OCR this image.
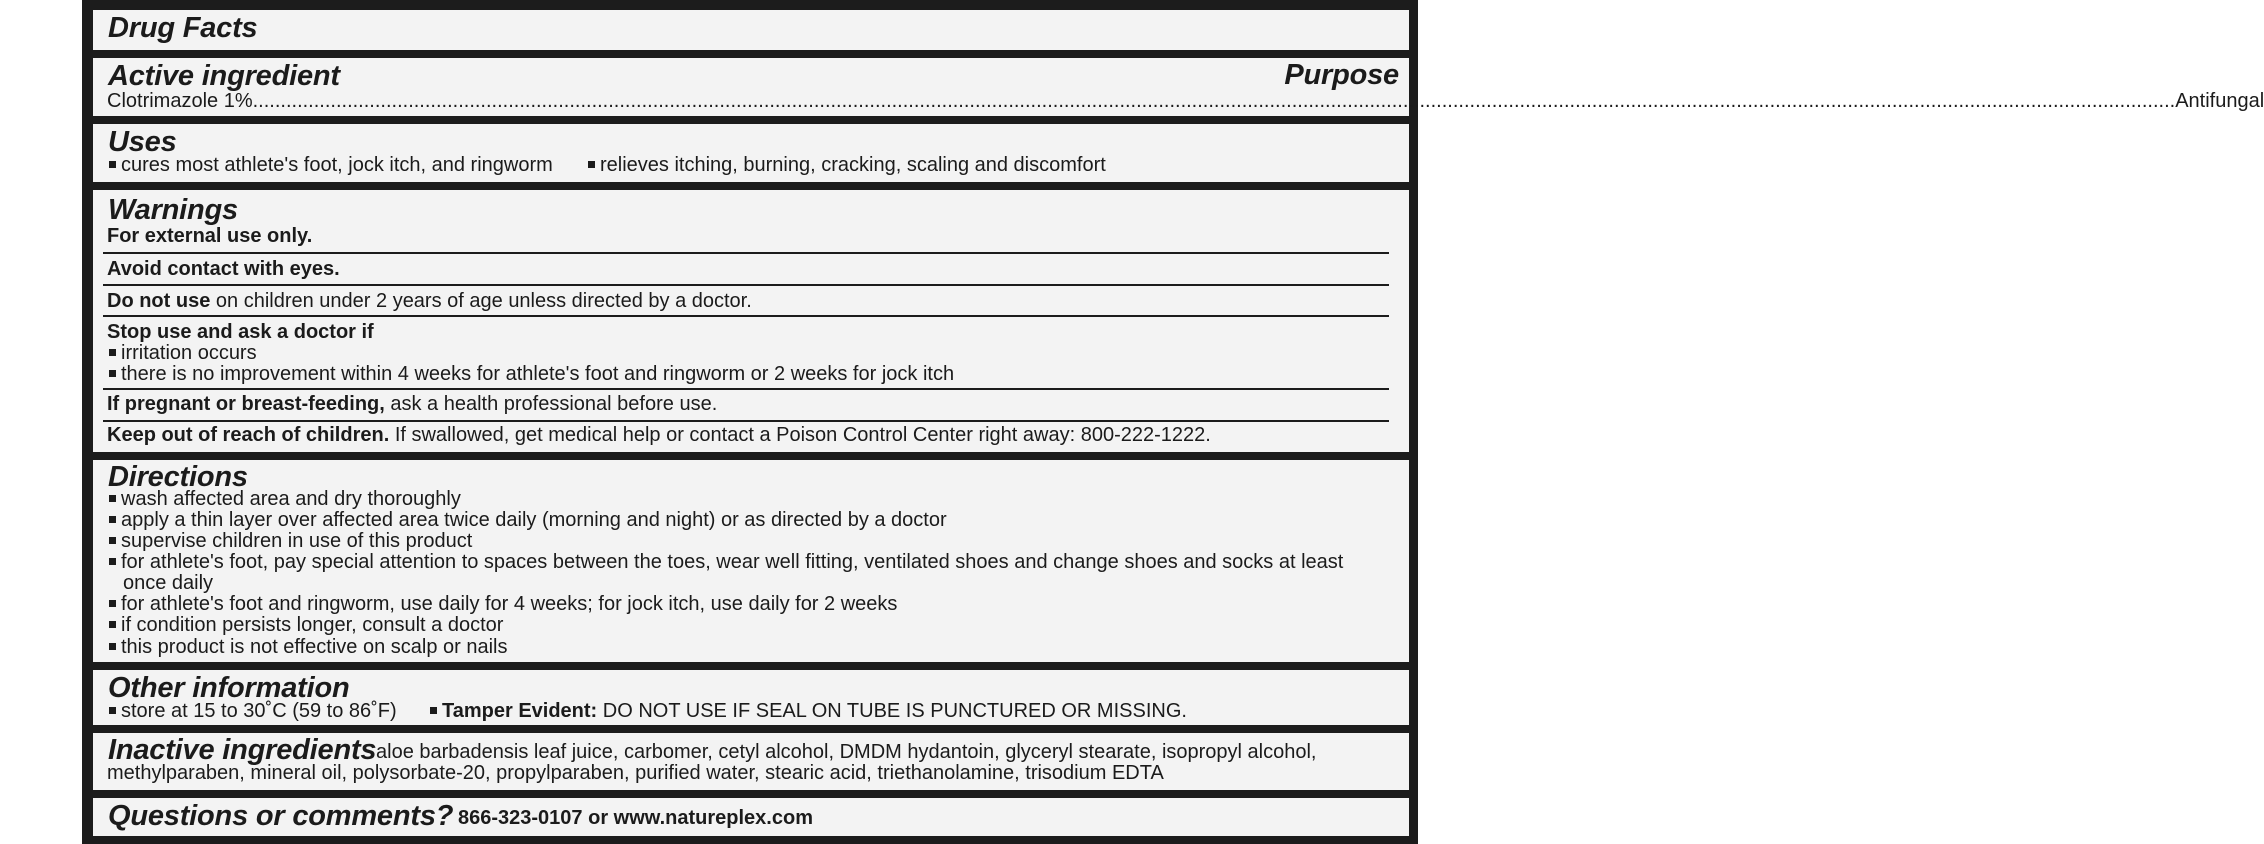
Drug Facts
Active ingredient	Purpose
Clotrimazole 1% .......................................................................................................................................................................................................................................................................................................................................................... Antifungal
Uses
cures most athlete's foot, jock itch, and ringworm	relieves itching, burning, cracking, scaling and discomfort
Warnings
For external use only.
Avoid contact with eyes.
Do not use on children under 2 years of age unless directed by a doctor.
Stop use and ask a doctor if
irritation occurs
there is no improvement within 4 weeks for athlete's foot and ringworm or 2 weeks for jock itch
If pregnant or breast-feeding, ask a health professional before use.
Keep out of reach of children. If swallowed, get medical help or contact a Poison Control Center right away: 800-222-1222.
Directions
wash affected area and dry thoroughly
apply a thin layer over affected area twice daily (morning and night) or as directed by a doctor
supervise children in use of this product
for athlete's foot, pay special attention to spaces between the toes, wear well fitting, ventilated shoes and change shoes and socks at least
once daily
for athlete's foot and ringworm, use daily for 4 weeks; for jock itch, use daily for 2 weeks
if condition persists longer, consult a doctor
this product is not effective on scalp or nails
Other information
store at 15 to 30˚C (59 to 86˚F)	Tamper Evident: DO NOT USE IF SEAL ON TUBE IS PUNCTURED OR MISSING.
Inactive ingredients aloe barbadensis leaf juice, carbomer, cetyl alcohol, DMDM hydantoin, glyceryl stearate, isopropyl alcohol,
methylparaben, mineral oil, polysorbate-20, propylparaben, purified water, stearic acid, triethanolamine, trisodium EDTA
Questions or comments? 866-323-0107 or www.natureplex.com
